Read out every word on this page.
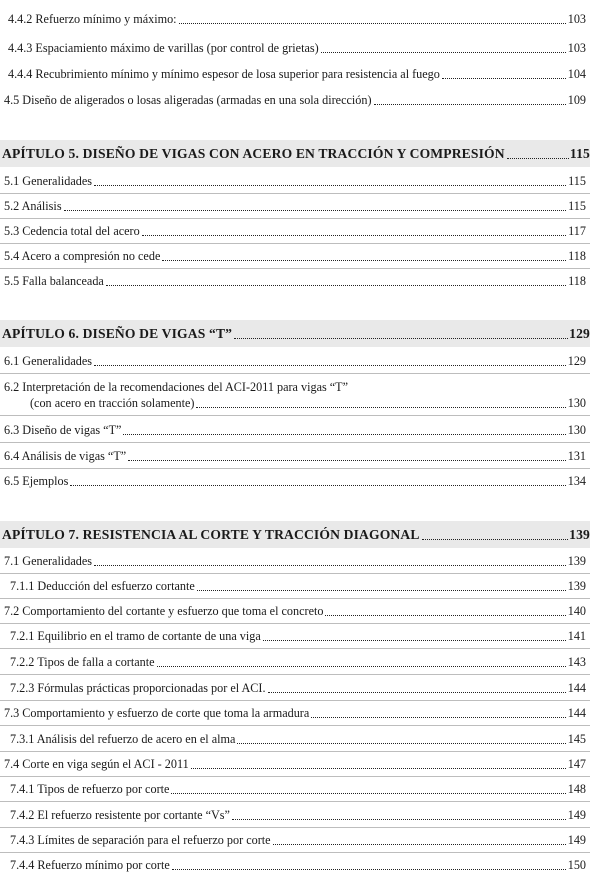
4.4.2 Refuerzo mínimo y máximo:	103
4.4.3 Espaciamiento máximo de varillas (por control de grietas)	103
4.4.4 Recubrimiento mínimo y mínimo espesor de losa superior para resistencia al fuego	104
4.5 Diseño de aligerados o losas aligeradas (armadas en una sola dirección)	109
APÍTULO 5. DISEÑO DE VIGAS CON ACERO EN TRACCIÓN Y COMPRESIÓN	115
5.1 Generalidades	115
5.2 Análisis	115
5.3 Cedencia total del acero	117
5.4 Acero a compresión no cede	118
5.5 Falla balanceada	118
APÍTULO 6. DISEÑO DE VIGAS “T”	129
6.1 Generalidades	129
6.2 Interpretación de la recomendaciones del ACI-2011 para vigas “T”
(con acero en tracción solamente)	130
6.3 Diseño de vigas “T”	130
6.4 Análisis de vigas “T”	131
6.5 Ejemplos	134
APÍTULO 7. RESISTENCIA AL CORTE Y TRACCIÓN DIAGONAL	139
7.1 Generalidades	139
7.1.1 Deducción del esfuerzo cortante	139
7.2 Comportamiento del cortante y esfuerzo que toma el concreto	140
7.2.1 Equilibrio en el tramo de cortante de una viga	141
7.2.2 Tipos de falla a cortante	143
7.2.3 Fórmulas prácticas proporcionadas por el ACI.	144
7.3 Comportamiento y esfuerzo de corte que toma la armadura	144
7.3.1 Análisis del refuerzo de acero en el alma	145
7.4 Corte en viga según el ACI - 2011	147
7.4.1 Tipos de refuerzo por corte	148
7.4.2 El refuerzo resistente por cortante “Vs”	149
7.4.3 Límites de separación para el refuerzo por corte	149
7.4.4 Refuerzo mínimo por corte	150
